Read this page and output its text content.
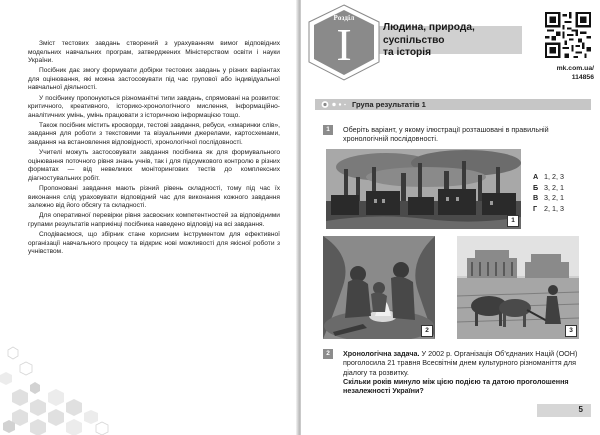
Зміст тестових завдань створений з урахуванням вимог відповідних модельних навчальних програм, затверджених Міністерством освіти і науки України.

Посібник дає змогу формувати добірки тестових завдань у різних варіантах для оцінювання, які можна застосовувати під час групової або індивідуальної навчальної діяльності.

У посібнику пропонуються різноманітні типи завдань, спрямовані на розвиток: критичного, креативного, історико-хронологічного мислення, інформаційно-аналітичних умінь, умінь працювати з історичною інформацією тощо.

Також посібник містить кросворди, тестові завдання, ребуси, «хмаринки слів», завдання для роботи з текстовими та візуальними джерелами, картосхемами, завдання на встановлення відповідності, хронологічної послідовності.

Учителі можуть застосовувати завдання посібника як для формувального оцінювання поточного рівня знань учнів, так і для підсумкового контролю в різних форматах — від невеликих моніторингових тестів до комплексних діагностувальних робіт.

Пропоновані завдання мають різний рівень складності, тому під час їх виконання слід ураховувати відповідний час для виконання кожного завдання залежно від його обсягу та складності.

Для оперативної перевірки рівня засвоєних компетентностей за відповідними групами результатів наприкінці посібника наведено відповіді на всі завдання.

Сподіваємося, що збірник стане корисним інструментом для ефективної організації навчального процесу та відкриє нові можливості для якісної роботи з учнівством.

Розділ
I	Людина, природа, суспільство
та історія
mk.com.ua/
114856
Група результатів 1
1	Оберіть варіант, у якому ілюстрації розташовані в правильній хронологічній послідовності.
1
А 1, 2, 3
Б 3, 2, 1
В 3, 2, 1
Г 2, 1, 3
2	3
2	Хронологічна задача. У 2002 р. Організація Об’єднаних Націй (ООН) проголосила 21 травня Всесвітнім днем культурного різноманіття для діалогу та розвитку.
Скільки років минуло між цією подією та датою проголошення незалежності України?
5
